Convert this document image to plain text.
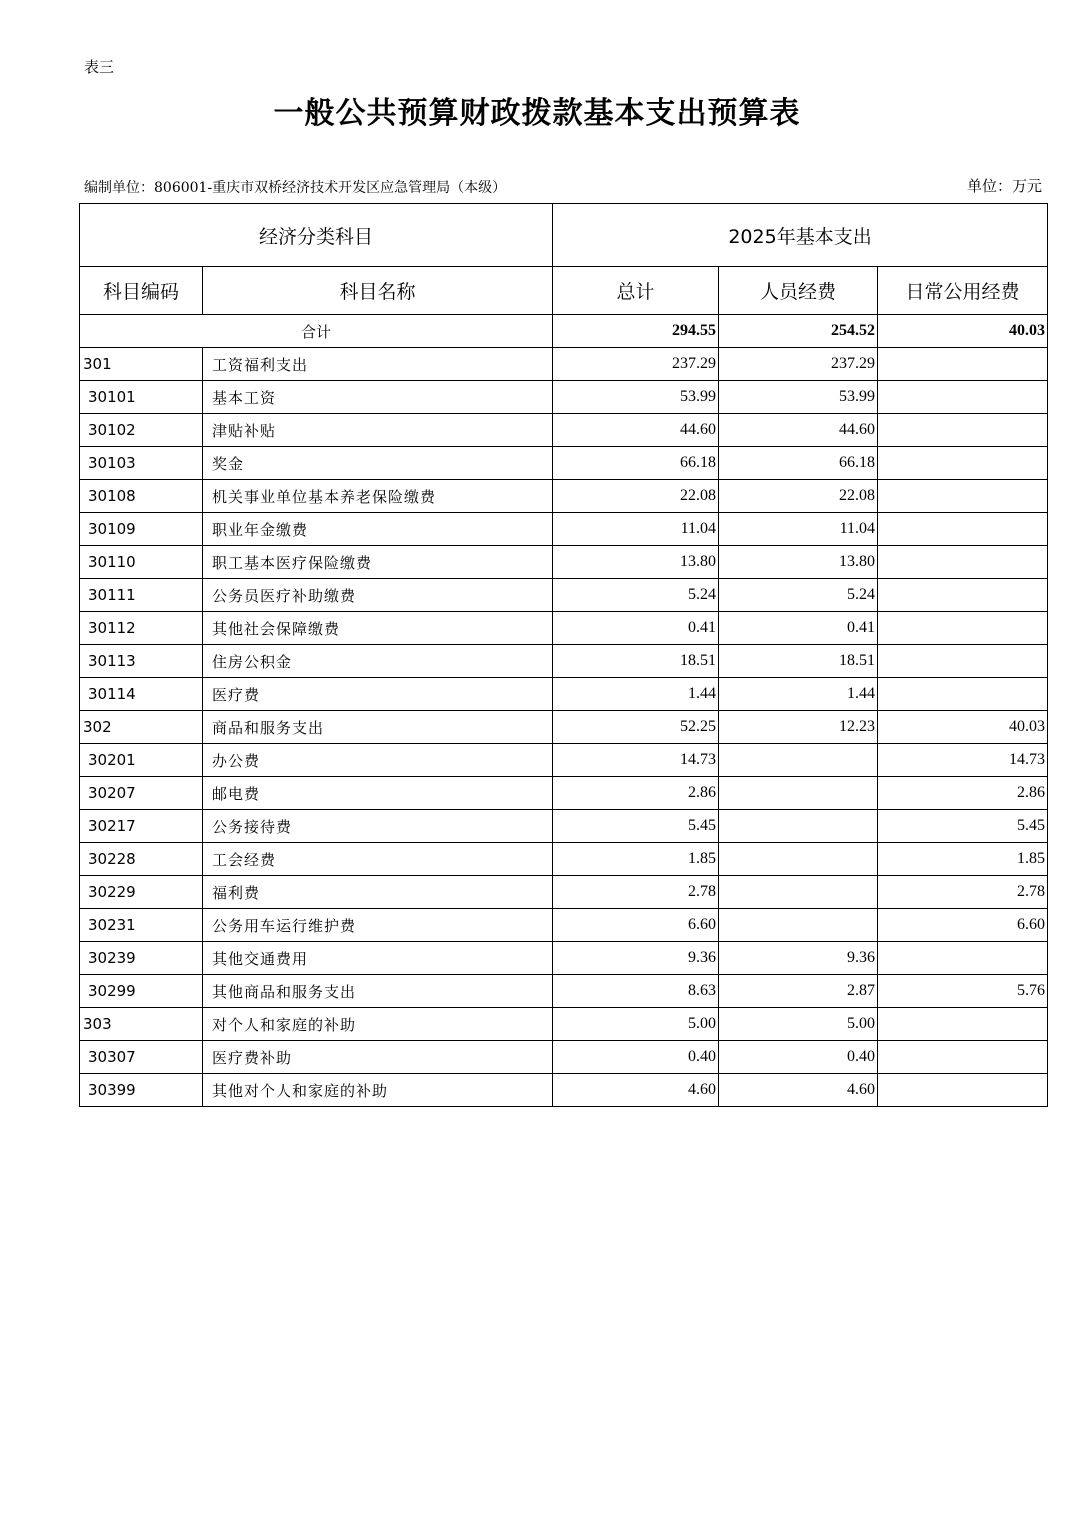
表三
一般公共预算财政拨款基本支出预算表
编制单位：806001-重庆市双桥经济技术开发区应急管理局（本级）	单位：万元
经济分类科目		2025年基本支出		
科目编码	科目名称	总计	人员经费	日常公用经费
合计		294.55	254.52	40.03
301	工资福利支出	237.29	237.29	
30101	基本工资	53.99	53.99	
30102	津贴补贴	44.60	44.60	
30103	奖金	66.18	66.18	
30108	机关事业单位基本养老保险缴费	22.08	22.08	
30109	职业年金缴费	11.04	11.04	
30110	职工基本医疗保险缴费	13.80	13.80	
30111	公务员医疗补助缴费	5.24	5.24	
30112	其他社会保障缴费	0.41	0.41	
30113	住房公积金	18.51	18.51	
30114	医疗费	1.44	1.44	
302	商品和服务支出	52.25	12.23	40.03
30201	办公费	14.73		14.73
30207	邮电费	2.86		2.86
30217	公务接待费	5.45		5.45
30228	工会经费	1.85		1.85
30229	福利费	2.78		2.78
30231	公务用车运行维护费	6.60		6.60
30239	其他交通费用	9.36	9.36	
30299	其他商品和服务支出	8.63	2.87	5.76
303	对个人和家庭的补助	5.00	5.00	
30307	医疗费补助	0.40	0.40	
30399	其他对个人和家庭的补助	4.60	4.60	
